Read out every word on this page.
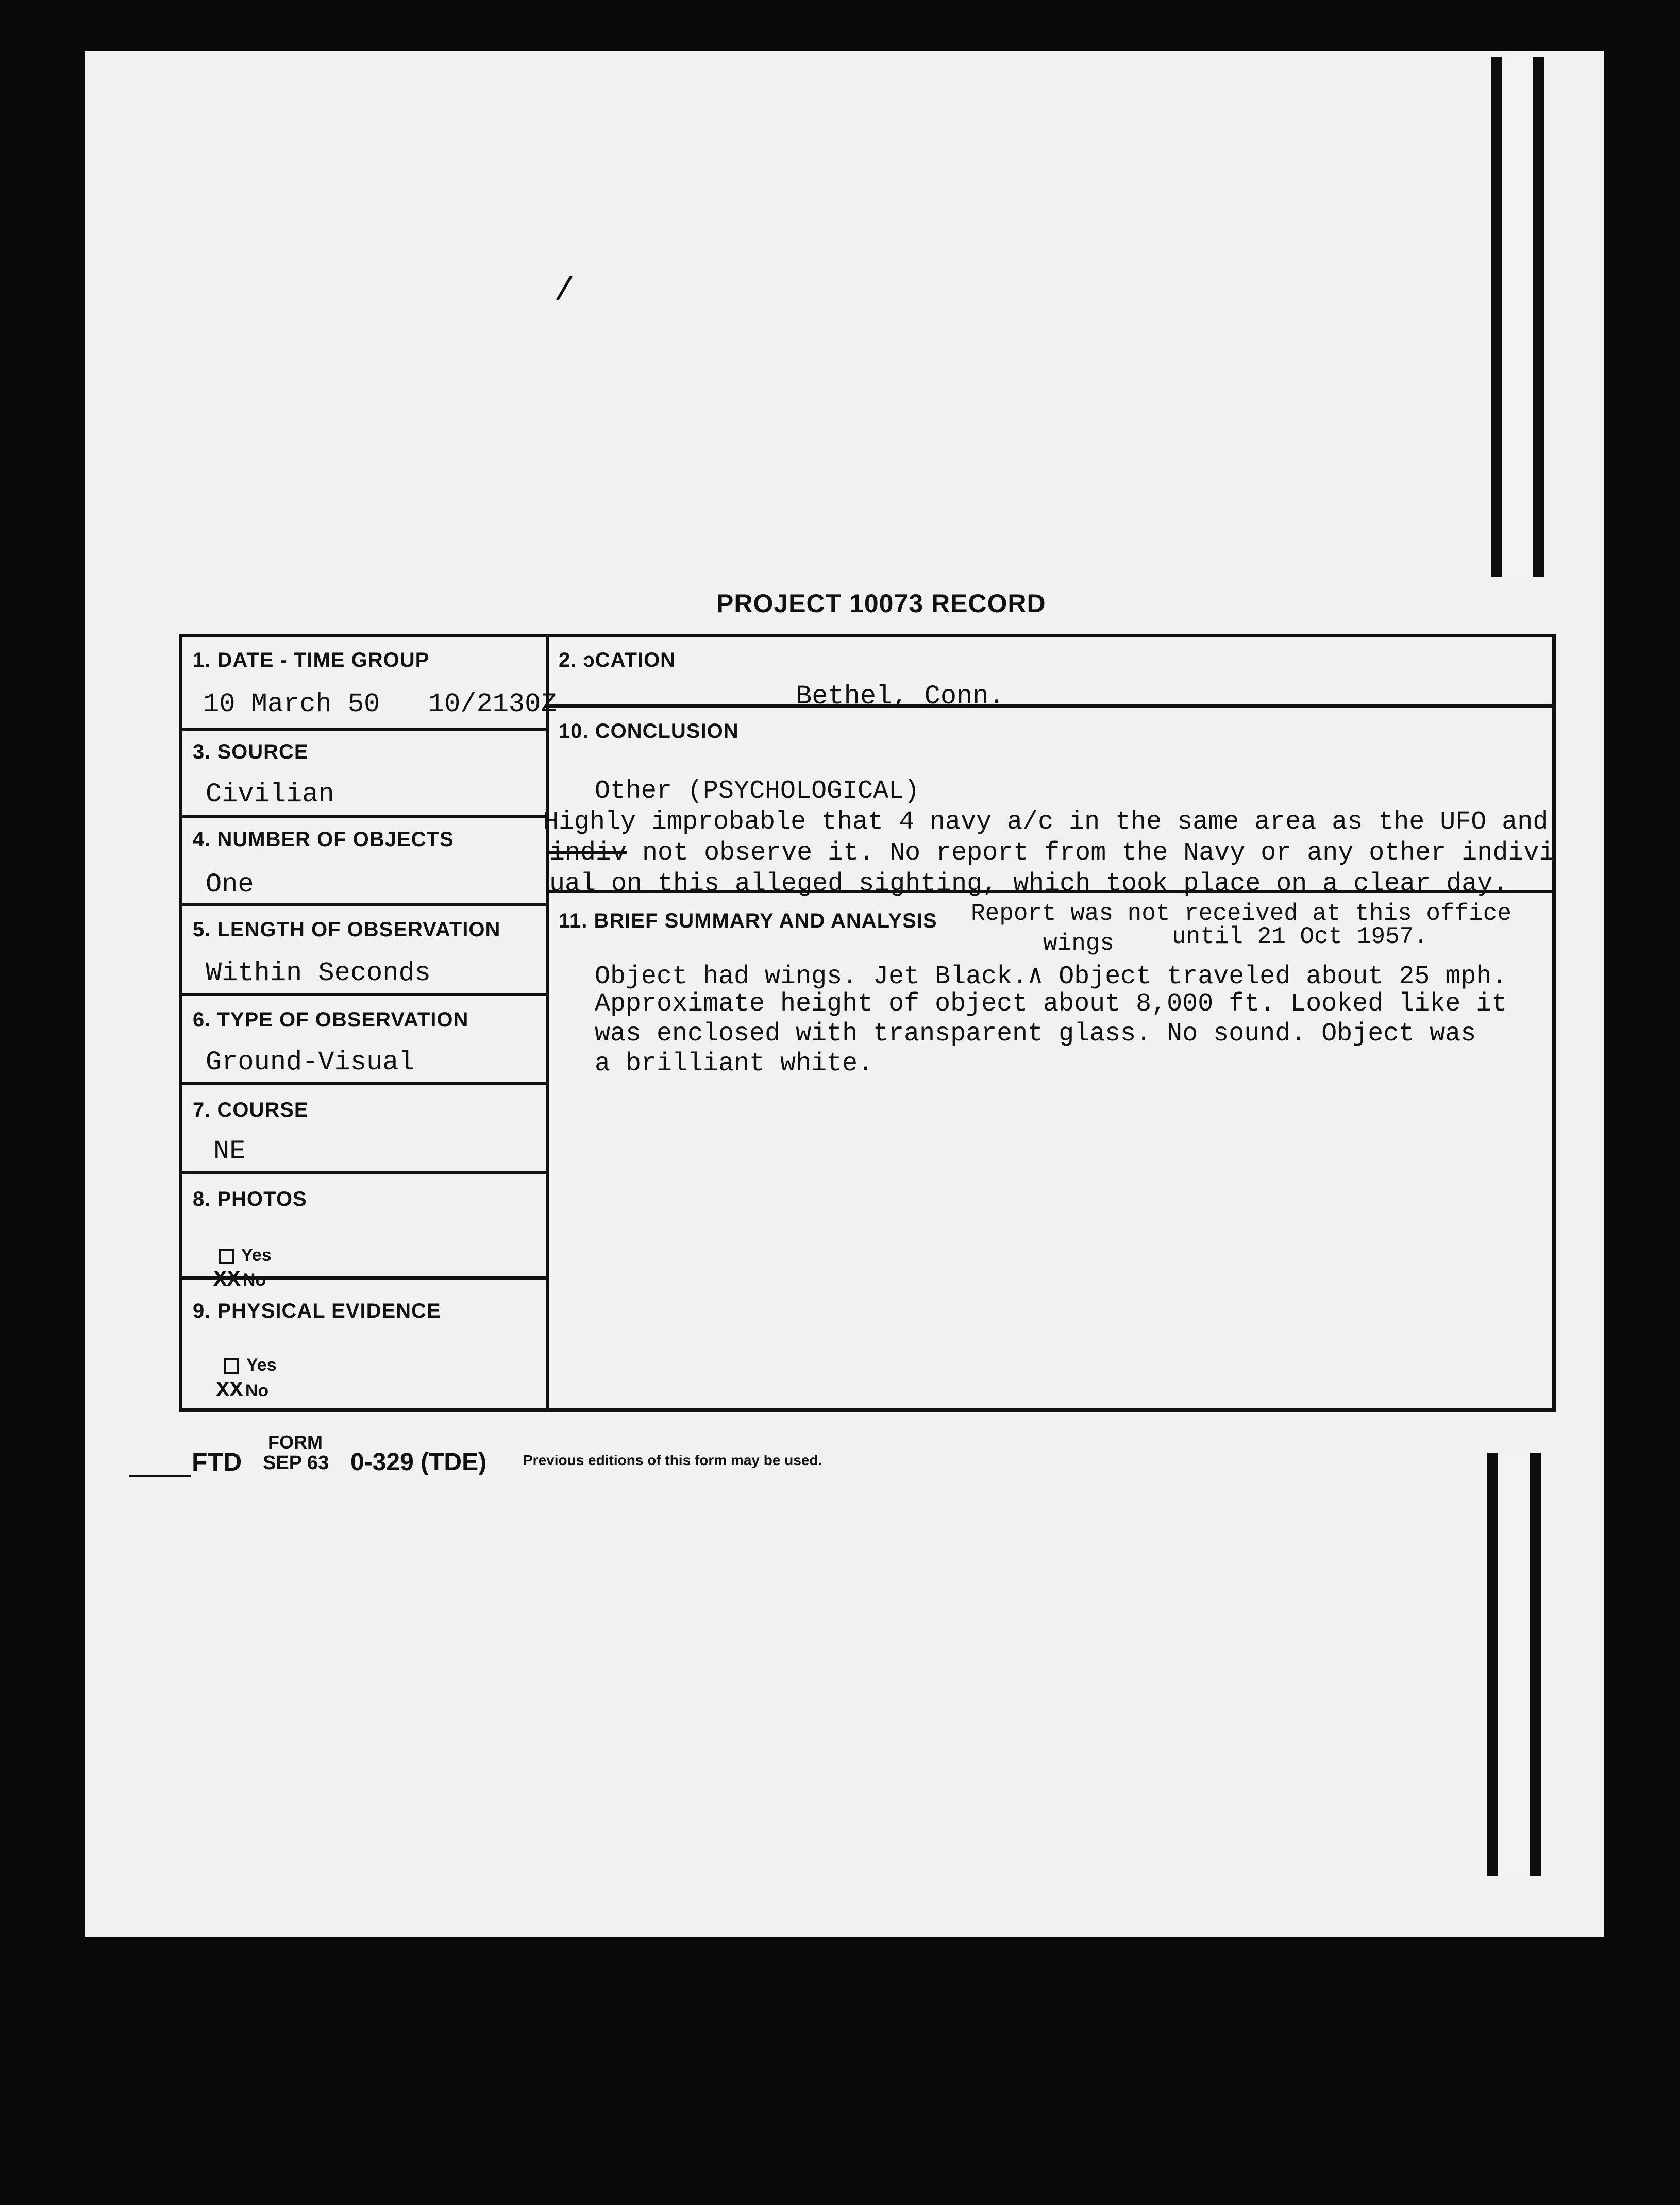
/
PROJECT 10073 RECORD
1. DATE - TIME GROUP
10 March 50   10/2130Z
2. ɔCATION
Bethel, Conn.
3. SOURCE
Civilian
4. NUMBER OF OBJECTS
One
5. LENGTH OF OBSERVATION
Within Seconds
6. TYPE OF OBSERVATION
Ground-Visual
7. COURSE
NE
8. PHOTOS
Yes
XX No
9. PHYSICAL EVIDENCE
Yes
XX No
10. CONCLUSION
Other (PSYCHOLOGICAL)
Highly improbable that 4 navy a/c in the same area as the UFO and
indiv not observe it. No report from the Navy or any other indivi
ual on this alleged sighting, which took place on a clear day.
11. BRIEF SUMMARY AND ANALYSIS Report was not received at this office
wings until 21 Oct 1957.
Object had wings. Jet Black.∧ Object traveled about 25 mph.
Approximate height of object about 8,000 ft. Looked like it
was enclosed with transparent glass. No sound. Object was
a brilliant white.
FORM
FTD SEP 63 0-329 (TDE)	Previous editions of this form may be used.
